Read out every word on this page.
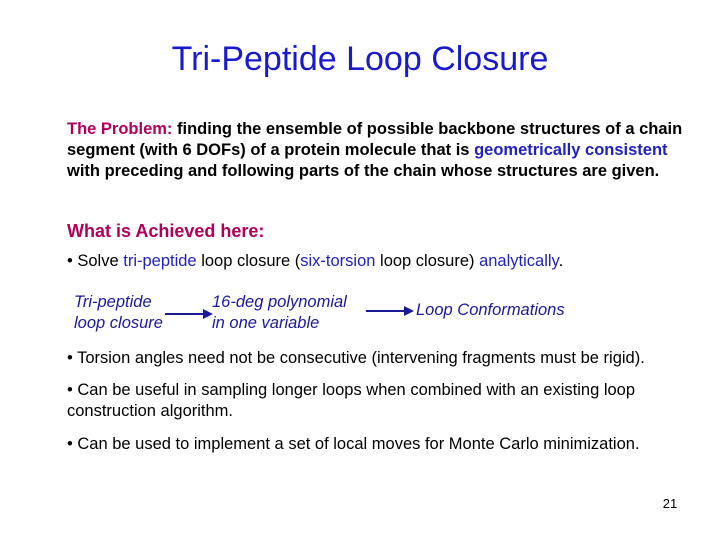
Tri-Peptide Loop Closure
The Problem: finding the ensemble of possible backbone structures of a chain segment (with 6 DOFs) of a protein molecule that is geometrically consistent with preceding and following parts of the chain whose structures are given.
What is Achieved here:
• Solve tri-peptide loop closure (six-torsion loop closure) analytically.
Tri-peptide
loop closure
16-deg polynomial
in one variable
Loop Conformations
• Torsion angles need not be consecutive (intervening fragments must be rigid).
• Can be useful in sampling longer loops when combined with an existing loop construction algorithm.
• Can be used to implement a set of local moves for Monte Carlo minimization.
21
